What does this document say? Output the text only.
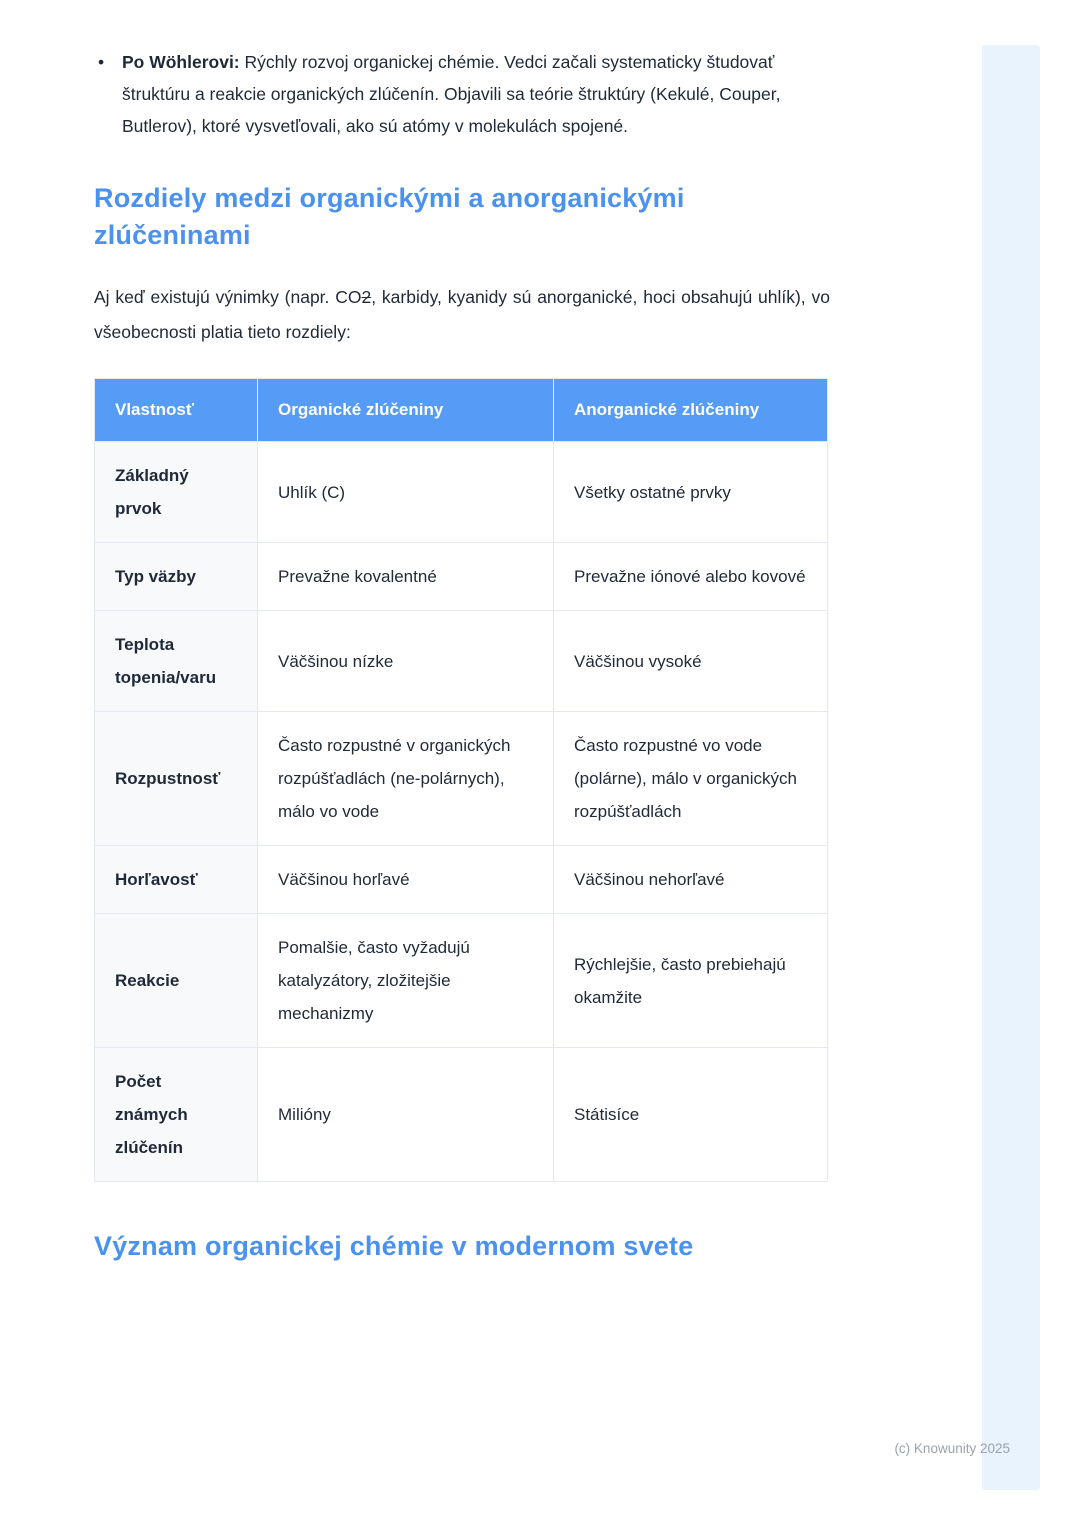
• Po Wöhlerovi: Rýchly rozvoj organickej chémie. Vedci začali systematicky študovať štruktúru a reakcie organických zlúčenín. Objavili sa teórie štruktúry (Kekulé, Couper, Butlerov), ktoré vysvetľovali, ako sú atómy v molekulách spojené.
Rozdiely medzi organickými a anorganickými zlúčeninami

Aj keď existujú výnimky (napr. CO2, karbidy, kyanidy sú anorganické, hoci obsahujú uhlík), vo všeobecnosti platia tieto rozdiely:

Vlastnosť	Organické zlúčeniny	Anorganické zlúčeniny
Základný prvok	Uhlík (C)	Všetky ostatné prvky
Typ väzby	Prevažne kovalentné	Prevažne iónové alebo kovové
Teplota topenia/varu	Väčšinou nízke	Väčšinou vysoké
Rozpustnosť	Často rozpustné v organických rozpúšťadlách (ne-polárnych), málo vo vode	Často rozpustné vo vode (polárne), málo v organických rozpúšťadlách
Horľavosť	Väčšinou horľavé	Väčšinou nehorľavé
Reakcie	Pomalšie, často vyžadujú katalyzátory, zložitejšie mechanizmy	Rýchlejšie, často prebiehajú okamžite
Počet známych zlúčenín	Milióny	Státisíce
Význam organickej chémie v modernom svete
(c) Knowunity 2025
